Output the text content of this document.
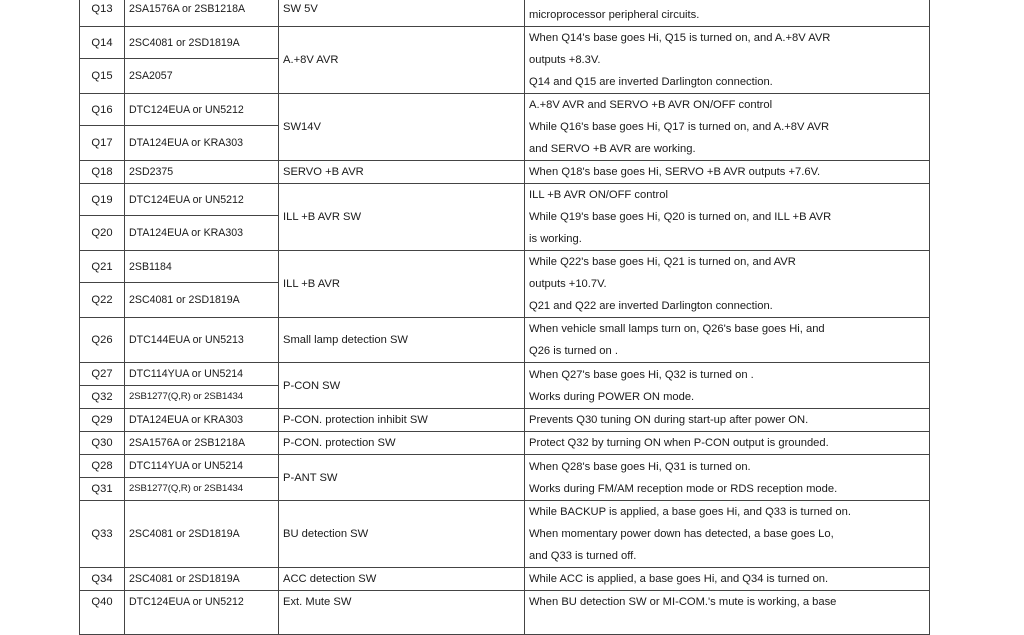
Q13	2SA1576A or 2SB1218A	SW 5V	microprocessor peripheral circuits.

Q14	2SC4081 or 2SD1819A	A.+8V AVR	When Q14's base goes Hi, Q15 is turned on, and A.+8V AVR
outputs +8.3V.
Q14 and Q15 are inverted Darlington connection.

Q15	2SA2057		
Q16	DTC124EUA or UN5212	SW14V	A.+8V AVR and SERVO +B AVR ON/OFF control
While Q16's base goes Hi, Q17 is turned on, and A.+8V AVR
and SERVO +B AVR are working.

Q17	DTA124EUA or KRA303		
Q18	2SD2375	SERVO +B AVR	When Q18's base goes Hi, SERVO +B AVR outputs +7.6V.

Q19	DTC124EUA or UN5212	ILL +B AVR SW	ILL +B AVR ON/OFF control
While Q19's base goes Hi, Q20 is turned on, and ILL +B AVR
is working.

Q20	DTA124EUA or KRA303		
Q21	2SB1184	ILL +B AVR	While Q22's base goes Hi, Q21 is turned on, and AVR
outputs +10.7V.
Q21 and Q22 are inverted Darlington connection.

Q22	2SC4081 or 2SD1819A		
Q26	DTC144EUA or UN5213	Small lamp detection SW	When vehicle small lamps turn on, Q26's base goes Hi, and
Q26 is turned on .

Q27	DTC114YUA or UN5214	P-CON SW	When Q27's base goes Hi, Q32 is turned on .
Works during POWER ON mode.

Q32	2SB1277(Q,R) or 2SB1434		
Q29	DTA124EUA or KRA303	P-CON. protection inhibit SW	Prevents Q30 tuning ON during start-up after power ON.

Q30	2SA1576A or 2SB1218A	P-CON. protection SW	Protect Q32 by turning ON when P-CON output is grounded.

Q28	DTC114YUA or UN5214	P-ANT SW	When Q28's base goes Hi, Q31 is turned on.
Works during FM/AM reception mode or RDS reception mode.

Q31	2SB1277(Q,R) or 2SB1434		
Q33	2SC4081 or 2SD1819A	BU detection SW	While BACKUP is applied, a base goes Hi, and Q33 is turned on.
When momentary power down has detected, a base goes Lo,
and Q33 is turned off.

Q34	2SC4081 or 2SD1819A	ACC detection SW	While ACC is applied, a base goes Hi, and Q34 is turned on.

Q40	DTC124EUA or UN5212	Ext. Mute SW	When BU detection SW or MI-COM.'s mute is working, a base
